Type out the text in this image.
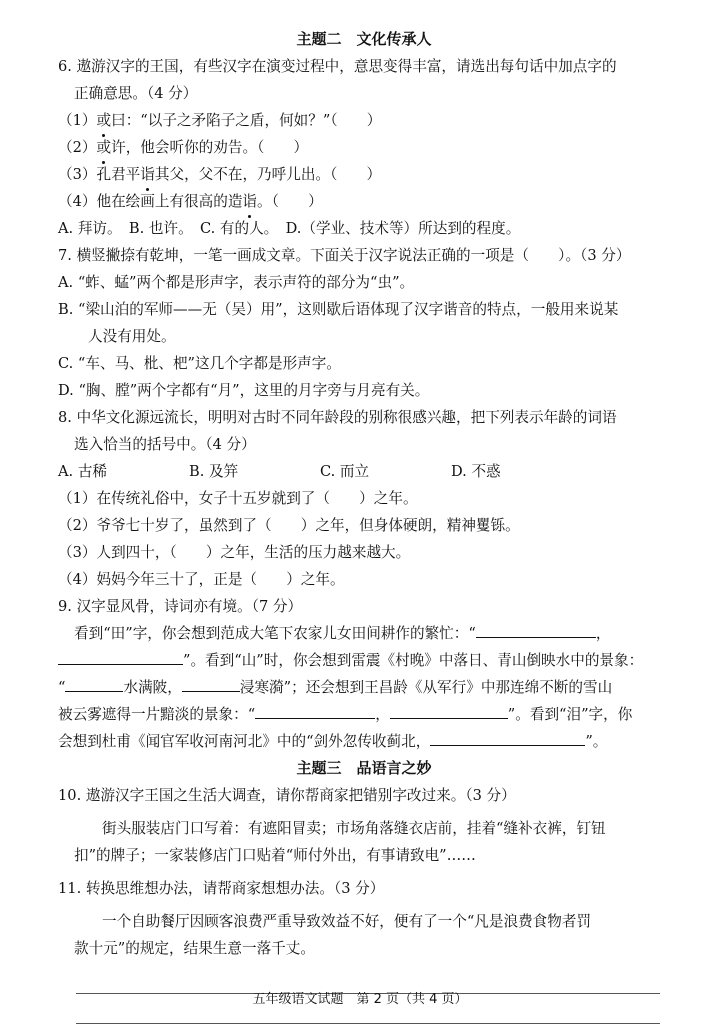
主题二　文化传承人
6. 遨游汉字的王国，有些汉字在演变过程中，意思变得丰富，请选出每句话中加点字的
正确意思。（4 分）
（1）或曰：“以子之矛陷子之盾，何如？”（　　）
（2）或许，他会听你的劝告。（　　）
（3）孔君平诣其父，父不在，乃呼儿出。（　　）
（4）他在绘画上有很高的造诣。（　　）
A. 拜访。　B. 也许。　C. 有的人。　D.（学业、技术等）所达到的程度。
7. 横竖撇捺有乾坤，一笔一画成文章。下面关于汉字说法正确的一项是（　　）。（3 分）
A. “蚱、蜢”两个都是形声字，表示声符的部分为“虫”。
B. “梁山泊的军师——无（吴）用”，这则歇后语体现了汉字谐音的特点，一般用来说某
人没有用处。
C. “车、马、枇、杷”这几个字都是形声字。
D. “胸、膛”两个字都有“月”，这里的月字旁与月亮有关。
8. 中华文化源远流长，明明对古时不同年龄段的别称很感兴趣，把下列表示年龄的词语
选入恰当的括号中。（4 分）
A. 古稀	B. 及笄	C. 而立	D. 不惑
（1）在传统礼俗中，女子十五岁就到了（　　）之年。
（2）爷爷七十岁了，虽然到了（　　）之年，但身体硬朗，精神矍铄。
（3）人到四十，（　　）之年，生活的压力越来越大。
（4）妈妈今年三十了，正是（　　）之年。
9. 汉字显风骨，诗词亦有境。（7 分）
看到“田”字，你会想到范成大笔下农家儿女田间耕作的繁忙：“	，
”。看到“山”时，你会想到雷震《村晚》中落日、青山倒映水中的景象：
“	水满陂，	浸寒漪”；还会想到王昌龄《从军行》中那连绵不断的雪山
被云雾遮得一片黯淡的景象：“	，	”。看到“泪”字，你
会想到杜甫《闻官军收河南河北》中的“剑外忽传收蓟北，	”。
主题三　品语言之妙
10. 遨游汉字王国之生活大调查，请你帮商家把错别字改过来。（3 分）
街头服装店门口写着：有遮阳冒卖；市场角落缝衣店前，挂着“缝补衣裤，钉钮
扣”的牌子；一家装修店门口贴着“师付外出，有事请致电”……
11. 转换思维想办法，请帮商家想想办法。（3 分）
一个自助餐厅因顾客浪费严重导致效益不好，便有了一个“凡是浪费食物者罚
款十元”的规定，结果生意一落千丈。
五年级语文试题　第 2 页（共 4 页）
